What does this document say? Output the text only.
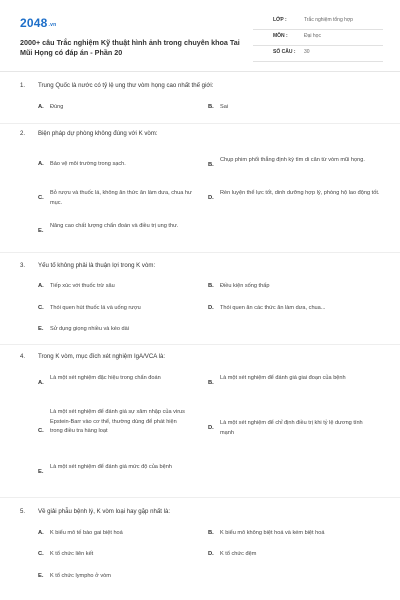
$2048_{.vn}$
2000+ câu Trắc nghiệm Kỹ thuật hình ảnh trong chuyên khoa Tai Mũi Họng có đáp án - Phần 20
LỚP :	Trắc nghiệm tổng hợp
MÔN :	Đại học
SỐ CÂU : 30
1. Trung Quốc là nước có tỷ lệ ung thư vòm họng cao nhất thế giới:
A. Đúng	B. Sai
2. Biện pháp dự phòng không đúng với K vòm:
A. Bảo vệ môi trường trong sạch.	B.
Chụp phim phổi thẳng định kỳ tìm di căn từ vòm mũi họng.
C.
Bỏ rượu và thuốc lá, không ăn thức ăn làm dưa, chua hư mục.
D.
Rèn luyện thể lực tốt, dinh dưỡng hợp lý, phòng hộ lao động tốt.
E.
Nâng cao chất lượng chẩn đoán và điều trị ung thư.
3. Yếu tố không phải là thuận lợi trong K vòm:
A. Tiếp xúc với thuốc trừ sâu	B. Điều kiện sống thấp
C. Thói quen hút thuốc lá và uống rượu	D. Thói quen ăn các thức ăn làm dưa, chua...
E. Sử dụng giọng nhiều và kéo dài
4. Trong K vòm, mục đích xét nghiệm IgA/VCA là:
A.
Là một xét nghiệm đặc hiệu trong chẩn đoán
B.
Là một xét nghiệm để đánh giá giai đoạn của bệnh
C.
Là một xét nghiệm để đánh giá sự xâm nhập của virus Epstein-Barr vào cơ thể, thường dùng để phát hiện trong điều tra hàng loạt	D.
Là một xét nghiệm để chỉ định điều trị khi tỷ lệ dương tính mạnh
E.
Là một xét nghiệm để đánh giá mức độ của bệnh
5. Về giải phẫu bệnh lý, K vòm loại hay gặp nhất là:
A. K biểu mô tế bào gai biệt hoá	B. K biểu mô không biệt hoá và kém biệt hoá
C. K tổ chức liên kết	D. K tổ chức đệm
E. K tổ chức lympho ở vòm
